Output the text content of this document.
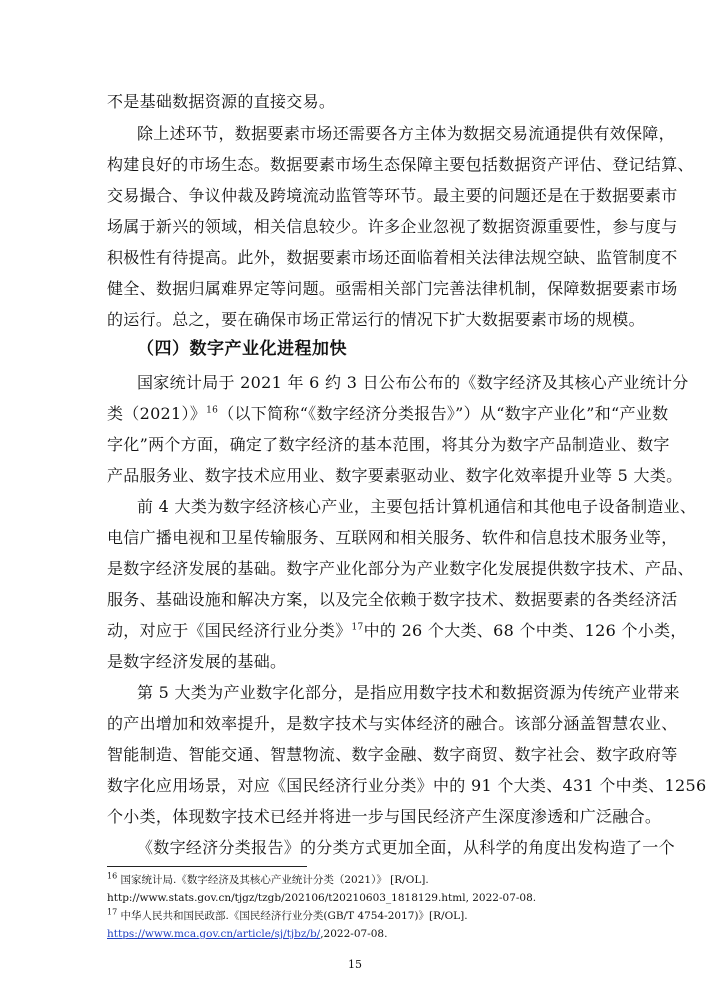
不是基础数据资源的直接交易。
除上述环节，数据要素市场还需要各方主体为数据交易流通提供有效保障，
构建良好的市场生态。数据要素市场生态保障主要包括数据资产评估、登记结算、
交易撮合、争议仲裁及跨境流动监管等环节。最主要的问题还是在于数据要素市
场属于新兴的领域，相关信息较少。许多企业忽视了数据资源重要性，参与度与
积极性有待提高。此外，数据要素市场还面临着相关法律法规空缺、监管制度不
健全、数据归属难界定等问题。亟需相关部门完善法律机制，保障数据要素市场
的运行。总之，要在确保市场正常运行的情况下扩大数据要素市场的规模。
（四）数字产业化进程加快
国家统计局于 2021 年 6 约 3 日公布公布的《数字经济及其核心产业统计分
类（2021）》$^{16}$（以下简称“《数字经济分类报告》”）从“数字产业化”和“产业数
字化”两个方面，确定了数字经济的基本范围，将其分为数字产品制造业、数字
产品服务业、数字技术应用业、数字要素驱动业、数字化效率提升业等 5 大类。
前 4 大类为数字经济核心产业，主要包括计算机通信和其他电子设备制造业、
电信广播电视和卫星传输服务、互联网和相关服务、软件和信息技术服务业等，
是数字经济发展的基础。数字产业化部分为产业数字化发展提供数字技术、产品、
服务、基础设施和解决方案，以及完全依赖于数字技术、数据要素的各类经济活
动，对应于《国民经济行业分类》$^{17}$中的 26 个大类、68 个中类、126 个小类，
是数字经济发展的基础。
第 5 大类为产业数字化部分，是指应用数字技术和数据资源为传统产业带来
的产出增加和效率提升，是数字技术与实体经济的融合。该部分涵盖智慧农业、
智能制造、智能交通、智慧物流、数字金融、数字商贸、数字社会、数字政府等
数字化应用场景，对应《国民经济行业分类》中的 91 个大类、431 个中类、1256
个小类，体现数字技术已经并将进一步与国民经济产生深度渗透和广泛融合。
《数字经济分类报告》的分类方式更加全面，从科学的角度出发构造了一个
$^{16}$ 国家统计局.《数字经济及其核心产业统计分类（2021）》 [R/OL].
http://www.stats.gov.cn/tjgz/tzgb/202106/t20210603_1818129.html, 2022-07-08.
$^{17}$ 中华人民共和国民政部.《国民经济行业分类(GB/T 4754-2017)》[R/OL].
https://www.mca.gov.cn/article/sj/tjbz/b/,2022-07-08.
15
